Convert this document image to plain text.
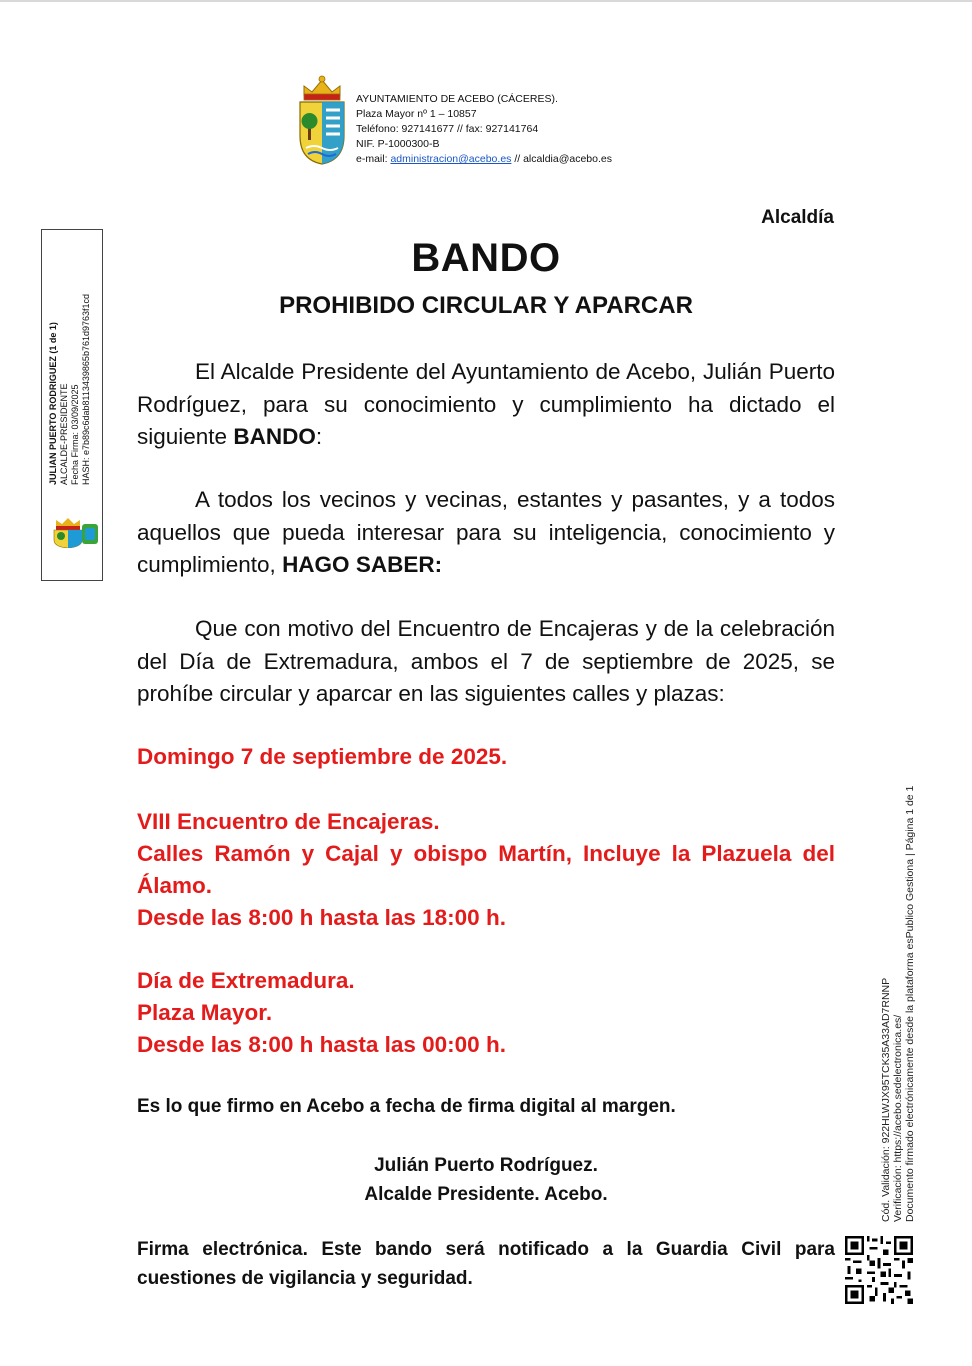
AYUNTAMIENTO DE ACEBO (CÁCERES).
Plaza Mayor nº 1 – 10857
Teléfono: 927141677 // fax: 927141764
NIF. P-1000300-B
e-mail: administracion@acebo.es // alcaldia@acebo.es
Alcaldía
BANDO
PROHIBIDO CIRCULAR Y APARCAR

El Alcalde Presidente del Ayuntamiento de Acebo, Julián Puerto Rodríguez, para su conocimiento y cumplimiento ha dictado el siguiente BANDO:

A todos los vecinos y vecinas, estantes y pasantes, y a todos aquellos que pueda interesar para su inteligencia, conocimiento y cumplimiento, HAGO SABER:

Que con motivo del Encuentro de Encajeras y de la celebración del Día de Extremadura, ambos el 7 de septiembre de 2025, se prohíbe circular y aparcar en las siguientes calles y plazas:

Domingo 7 de septiembre de 2025.
VIII Encuentro de Encajeras.
Calles Ramón y Cajal y obispo Martín, Incluye la Plazuela del Álamo.
Desde las 8:00 h hasta las 18:00 h.
Día de Extremadura.
Plaza Mayor.
Desde las 8:00 h hasta las 00:00 h.
Es lo que firmo en Acebo a fecha de firma digital al margen.
Julián Puerto Rodríguez.
Alcalde Presidente. Acebo.
Firma electrónica. Este bando será notificado a la Guardia Civil para cuestiones de vigilancia y seguridad.
JULIAN PUERTO RODRIGUEZ (1 de 1) ALCALDE-PRESIDENTE Fecha Firma: 03/09/2025 HASH: e7b89c6dab8113439865b761d9763f1cd
Cód. Validación: 922HLWJX95TCK35A33AD7RNNP Verificación: https://acebo.sedelectronica.es/ Documento firmado electrónicamente desde la plataforma esPublico Gestiona | Página 1 de 1
